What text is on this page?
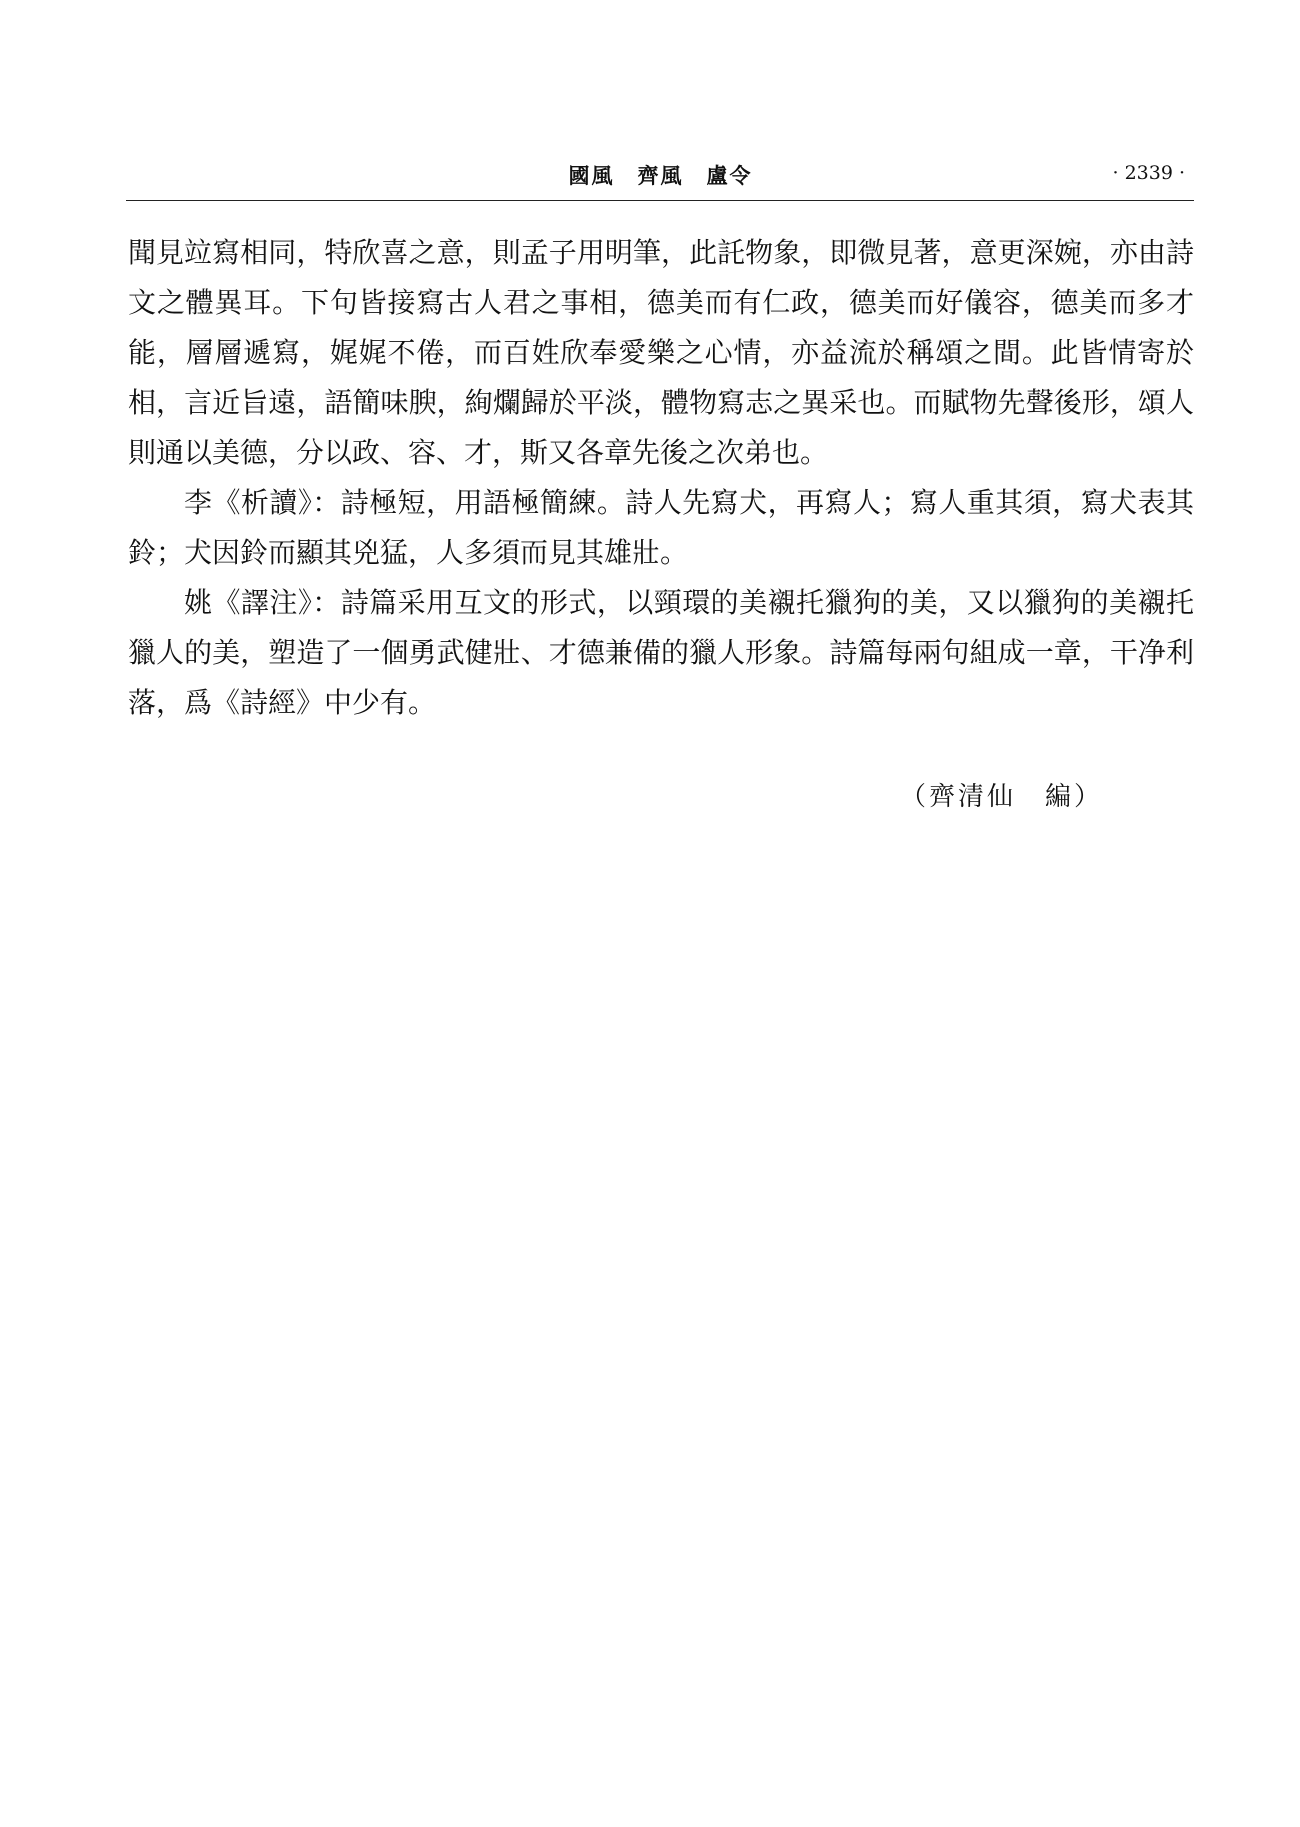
國風　齊風　盧令	· 2339 ·

聞見竝寫相同，特欣喜之意，則孟子用明筆，此託物象，即微見著，意更深婉，亦由詩文之體異耳。下句皆接寫古人君之事相，德美而有仁政，德美而好儀容，德美而多才能，層層遞寫，娓娓不倦，而百姓欣奉愛樂之心情，亦益流於稱頌之間。此皆情寄於相，言近旨遠，語簡味腴，絢爛歸於平淡，體物寫志之異采也。而賦物先聲後形，頌人則通以美德，分以政、容、才，斯又各章先後之次弟也。

李《析讀》：詩極短，用語極簡練。詩人先寫犬，再寫人；寫人重其須，寫犬表其鈴；犬因鈴而顯其兇猛，人多須而見其雄壯。

姚《譯注》：詩篇采用互文的形式，以頸環的美襯托獵狗的美，又以獵狗的美襯托獵人的美，塑造了一個勇武健壯、才德兼備的獵人形象。詩篇每兩句組成一章，干净利落，爲《詩經》中少有。

（齊清仙　編）
